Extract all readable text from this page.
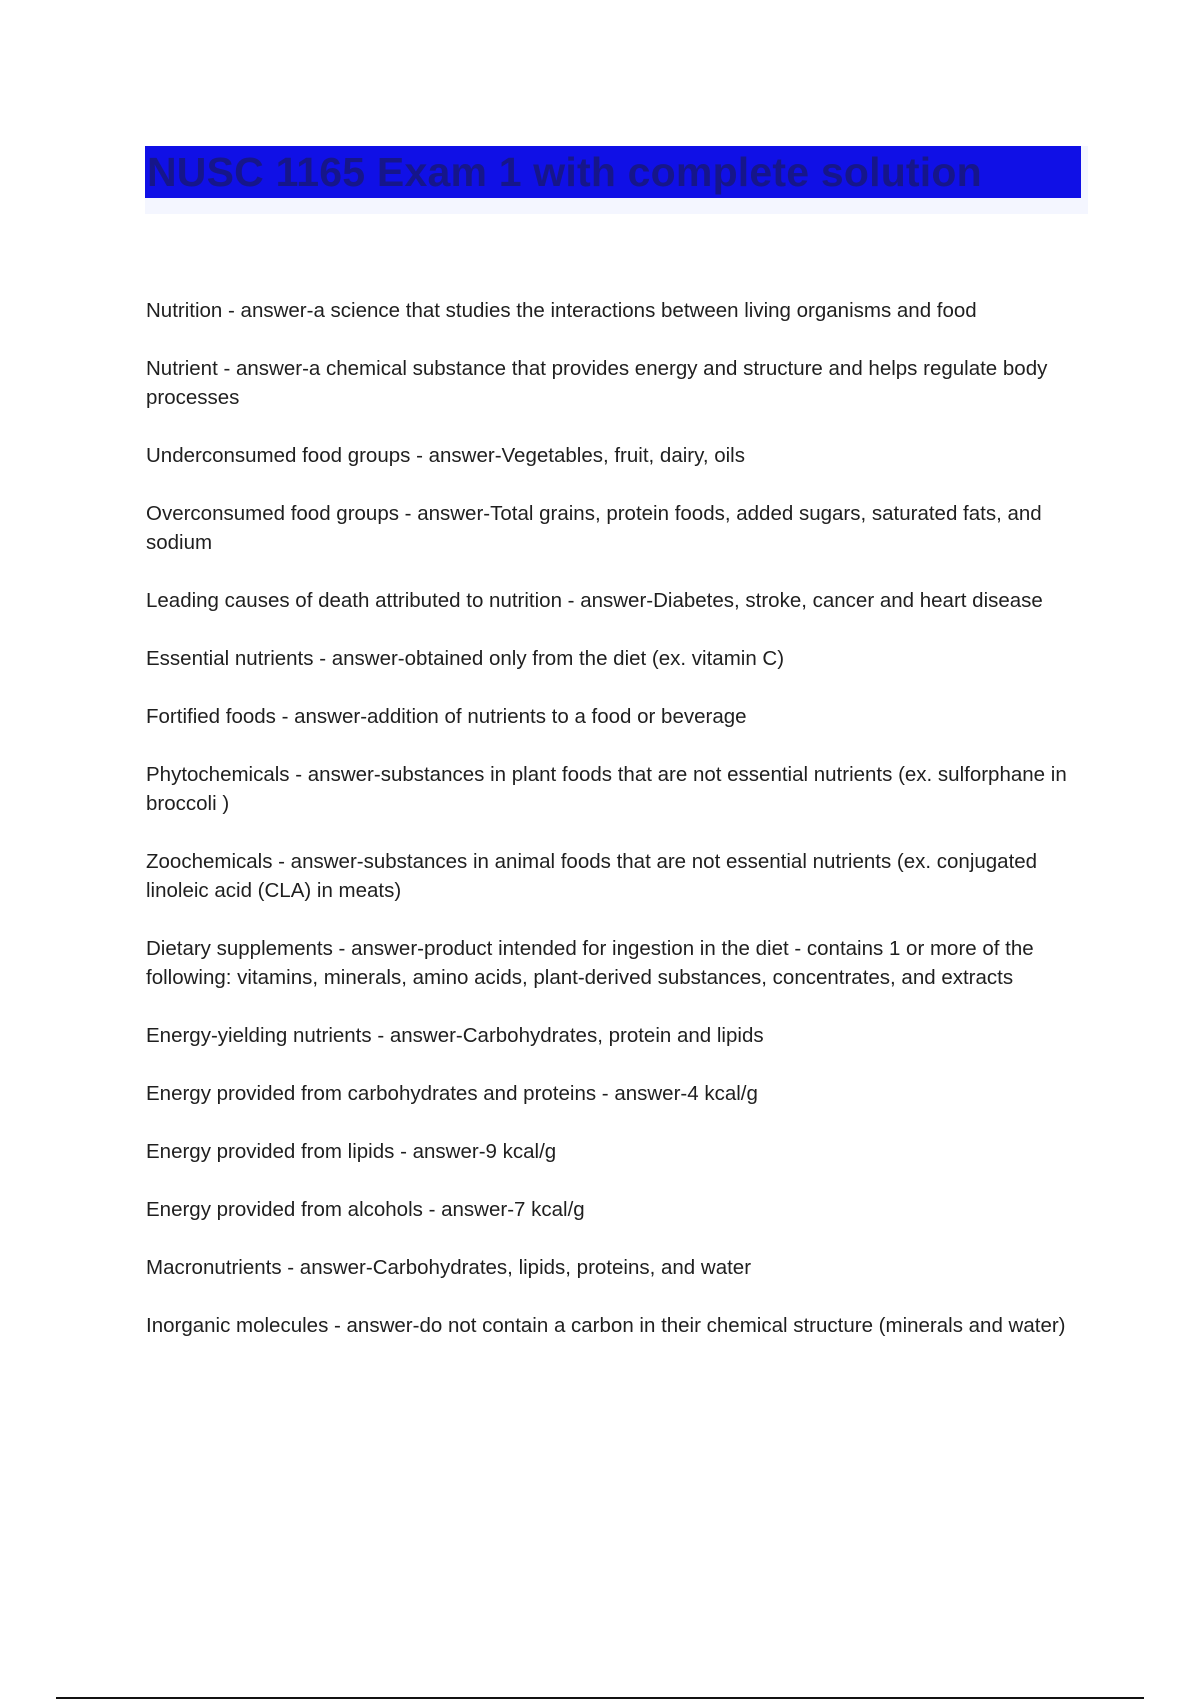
NUSC 1165 Exam 1 with complete solution

Nutrition - answer-a science that studies the interactions between living organisms and food

Nutrient - answer-a chemical substance that provides energy and structure and helps regulate body processes

Underconsumed food groups - answer-Vegetables, fruit, dairy, oils

Overconsumed food groups - answer-Total grains, protein foods, added sugars, saturated fats, and sodium

Leading causes of death attributed to nutrition - answer-Diabetes, stroke, cancer and heart disease

Essential nutrients - answer-obtained only from the diet (ex. vitamin C)

Fortified foods - answer-addition of nutrients to a food or beverage

Phytochemicals - answer-substances in plant foods that are not essential nutrients (ex. sulforphane in broccoli )

Zoochemicals - answer-substances in animal foods that are not essential nutrients (ex. conjugated linoleic acid (CLA) in meats)

Dietary supplements - answer-product intended for ingestion in the diet - contains 1 or more of the following: vitamins, minerals, amino acids, plant-derived substances, concentrates, and extracts

Energy-yielding nutrients - answer-Carbohydrates, protein and lipids

Energy provided from carbohydrates and proteins - answer-4 kcal/g

Energy provided from lipids - answer-9 kcal/g

Energy provided from alcohols - answer-7 kcal/g

Macronutrients - answer-Carbohydrates, lipids, proteins, and water

Inorganic molecules - answer-do not contain a carbon in their chemical structure (minerals and water)
